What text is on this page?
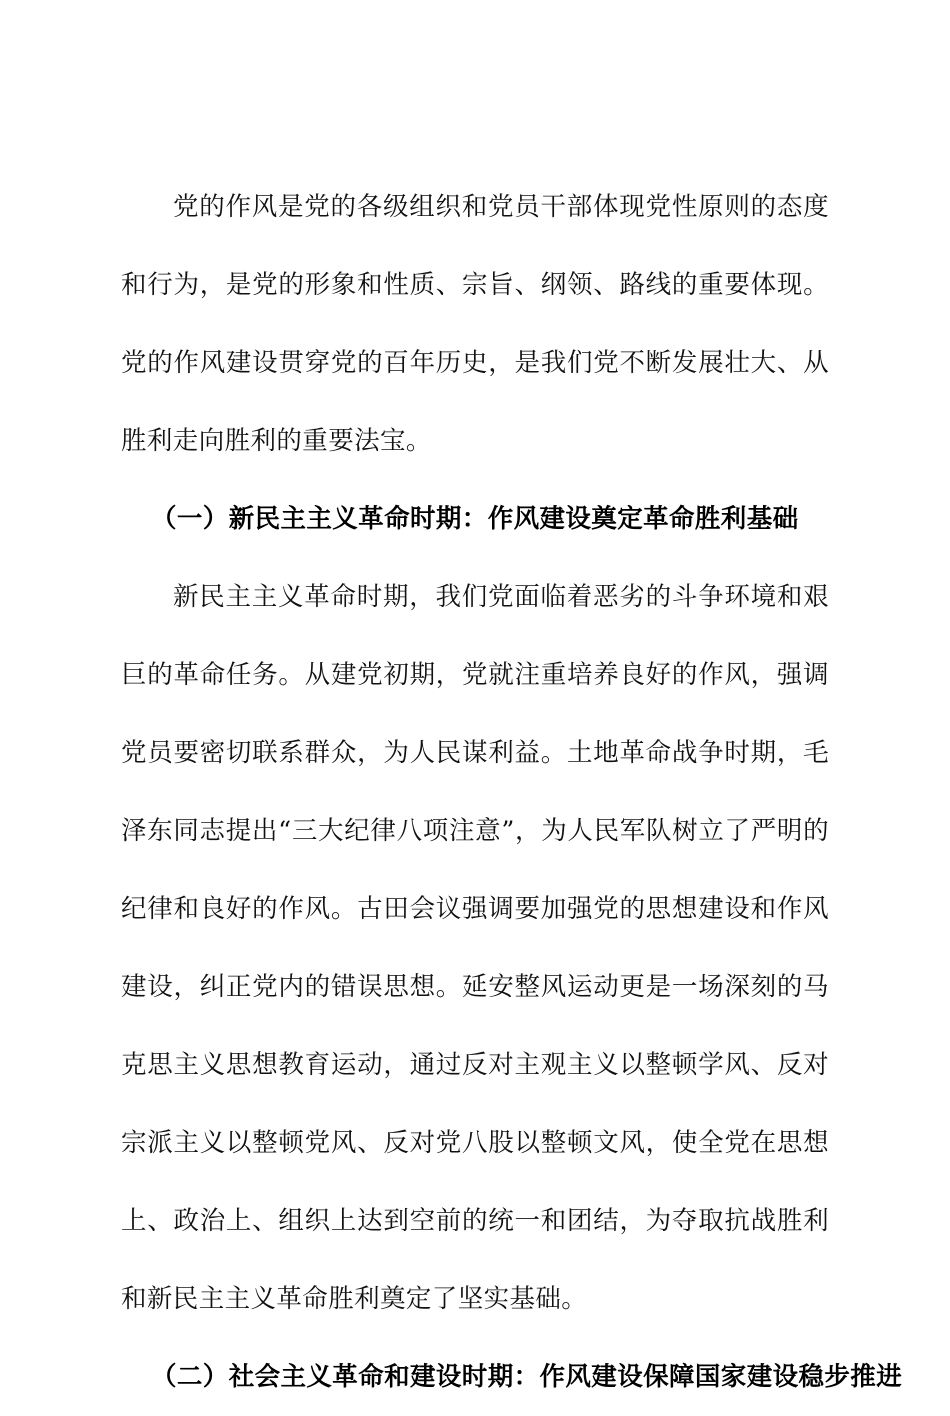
党的作风是党的各级组织和党员干部体现党性原则的态度和行为，是党的形象和性质、宗旨、纲领、路线的重要体现。党的作风建设贯穿党的百年历史，是我们党不断发展壮大、从胜利走向胜利的重要法宝。

（一）新民主主义革命时期：作风建设奠定革命胜利基础

新民主主义革命时期，我们党面临着恶劣的斗争环境和艰巨的革命任务。从建党初期，党就注重培养良好的作风，强调党员要密切联系群众，为人民谋利益。土地革命战争时期，毛泽东同志提出“三大纪律八项注意”，为人民军队树立了严明的纪律和良好的作风。古田会议强调要加强党的思想建设和作风建设，纠正党内的错误思想。延安整风运动更是一场深刻的马克思主义思想教育运动，通过反对主观主义以整顿学风、反对宗派主义以整顿党风、反对党八股以整顿文风，使全党在思想上、政治上、组织上达到空前的统一和团结，为夺取抗战胜利和新民主主义革命胜利奠定了坚实基础。

（二）社会主义革命和建设时期：作风建设保障国家建设稳步推进
